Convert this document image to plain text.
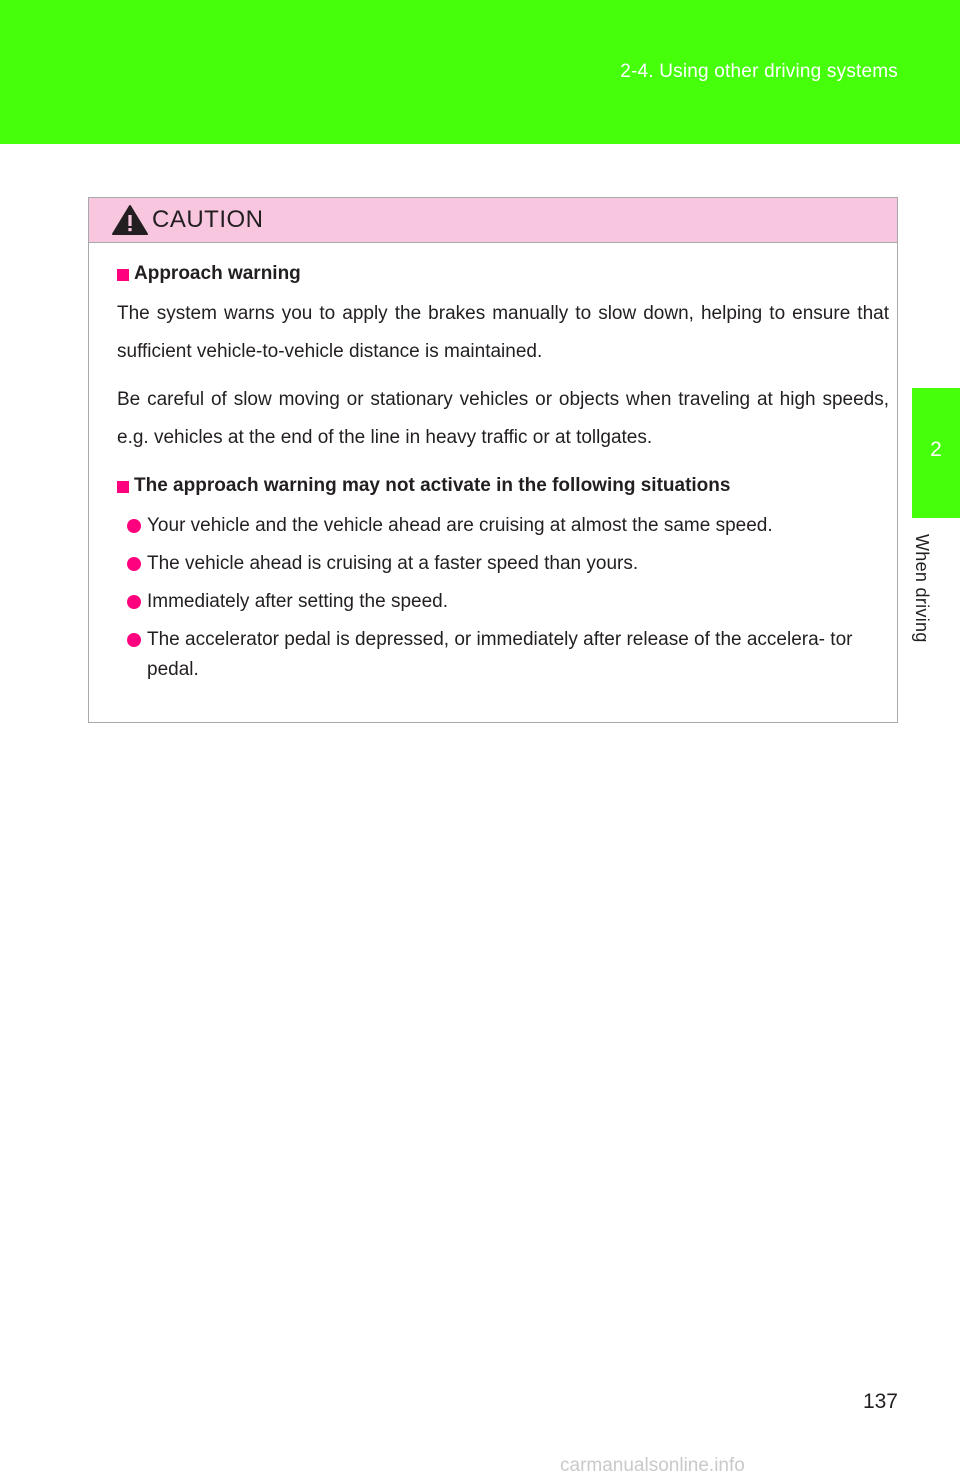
2-4. Using other driving systems
2
When driving
CAUTION
Approach warning

The system warns you to apply the brakes manually to slow down, helping to ensure that sufficient vehicle-to-vehicle distance is maintained.

Be careful of slow moving or stationary vehicles or objects when traveling at high speeds, e.g. vehicles at the end of the line in heavy traffic or at tollgates.

The approach warning may not activate in the following situations
Your vehicle and the vehicle ahead are cruising at almost the same speed.
The vehicle ahead is cruising at a faster speed than yours.
Immediately after setting the speed.
The accelerator pedal is depressed, or immediately after release of the accelera- tor pedal.
137
carmanualsonline.info
